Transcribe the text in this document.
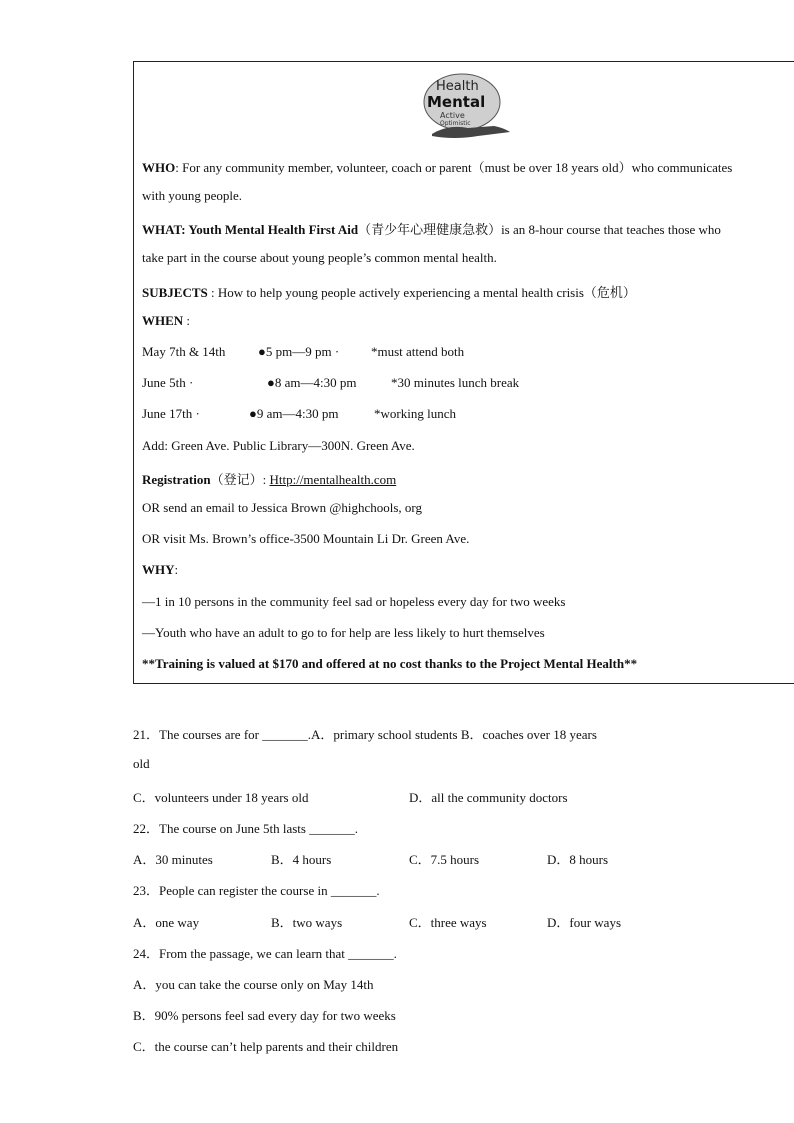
Health
Mental
Active
Optimistic
WHO: For any community member, volunteer, coach or parent（must be over 18 years old）who communicates
with young people.
WHAT: Youth Mental Health First Aid（青少年心理健康急救）is an 8-hour course that teaches those who
take part in the course about young people’s common mental health.
SUBJECTS : How to help young people actively experiencing a mental health crisis（危机）
WHEN :
May 7th & 14th	●5 pm—9 pm · *must attend both
June 5th ·	●8 am—4:30 pm	*30 minutes lunch break
June 17th ·	●9 am—4:30 pm	*working lunch
Add: Green Ave. Public Library—300N. Green Ave.
Registration（登记）: Http://mentalhealth.com
OR send an email to Jessica Brown @highchools, org
OR visit Ms. Brown’s office-3500 Mountain Li Dr. Green Ave.
WHY:
—1 in 10 persons in the community feel sad or hopeless every day for two weeks
—Youth who have an adult to go to for help are less likely to hurt themselves
**Training is valued at $170 and offered at no cost thanks to the Project Mental Health**
21．The courses are for _______.A．primary school students B．coaches over 18 years
old
C．volunteers under 18 years old	D．all the community doctors
22．The course on June 5th lasts _______.
A．30 minutes	B．4 hours	C．7.5 hours	D．8 hours
23．People can register the course in _______.
A．one way	B．two ways	C．three ways	D．four ways
24．From the passage, we can learn that _______.
A．you can take the course only on May 14th
B．90% persons feel sad every day for two weeks
C．the course can’t help parents and their children
